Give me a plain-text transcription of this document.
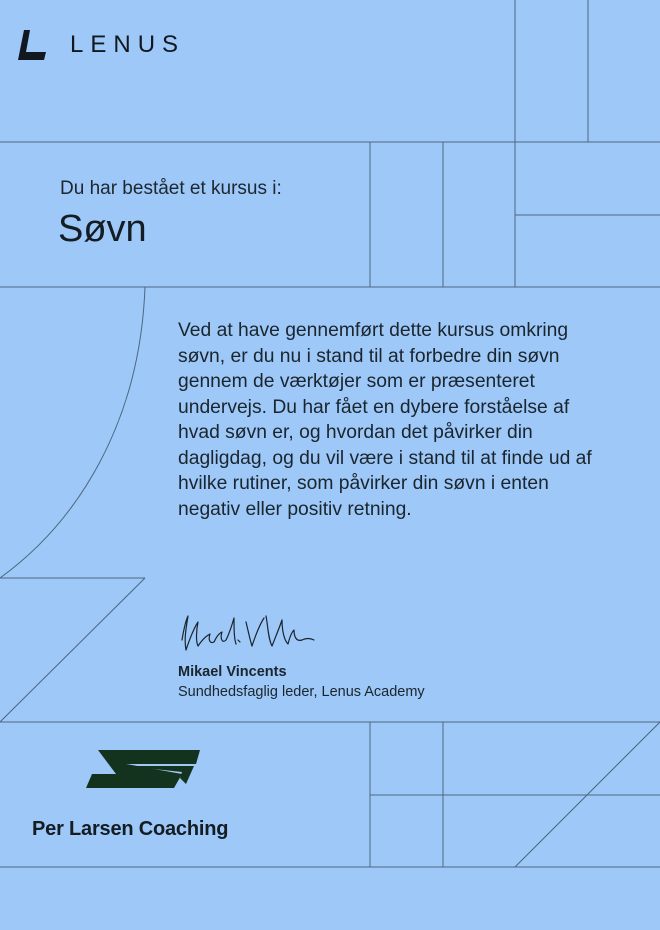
LENUS
Du har bestået et kursus i:
Søvn

Ved at have gennemført dette kursus omkring søvn, er du nu i stand til at forbedre din søvn gennem de værktøjer som er præsenteret undervejs. Du har fået en dybere forståelse af hvad søvn er, og hvordan det påvirker din dagligdag, og du vil være i stand til at finde ud af hvilke rutiner, som påvirker din søvn i enten negativ eller positiv retning.

Mikael Vincents
Sundhedsfaglig leder, Lenus Academy
Per Larsen Coaching
